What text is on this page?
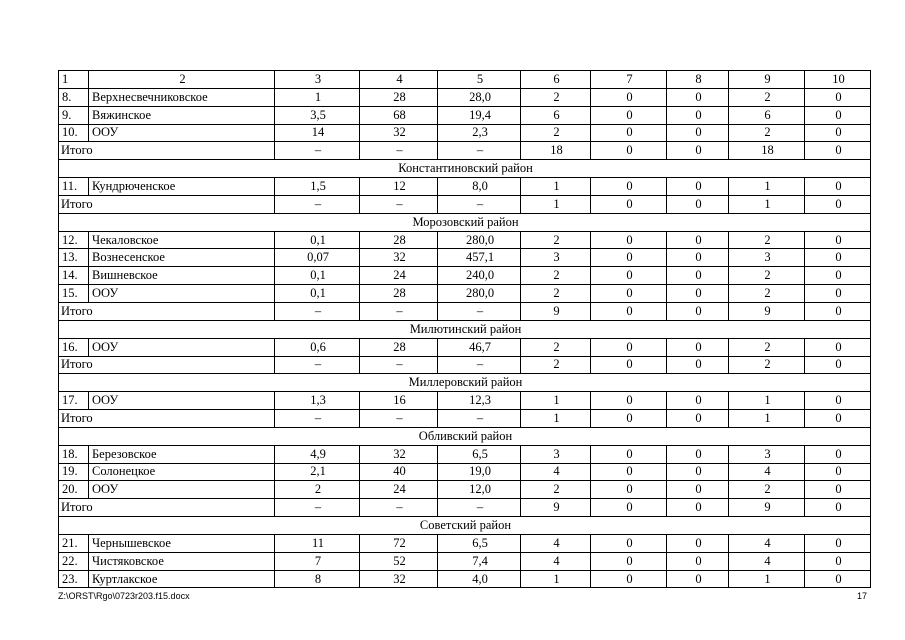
1	2	3	4	5	6	7	8	9	10
8.	Верхнесвечниковское	1	28	28,0	2	0	0	2	0
9.	Вяжинское	3,5	68	19,4	6	0	0	6	0
10.	ООУ	14	32	2,3	2	0	0	2	0
Итого		–	–	–	18	0	0	18	0
Константиновский район									
11.	Кундрюченское	1,5	12	8,0	1	0	0	1	0
Итого		–	–	–	1	0	0	1	0
Морозовский район									
12.	Чекаловское	0,1	28	280,0	2	0	0	2	0
13.	Вознесенское	0,07	32	457,1	3	0	0	3	0
14.	Вишневское	0,1	24	240,0	2	0	0	2	0
15.	ООУ	0,1	28	280,0	2	0	0	2	0
Итого		–	–	–	9	0	0	9	0
Милютинский район									
16.	ООУ	0,6	28	46,7	2	0	0	2	0
Итого		–	–	–	2	0	0	2	0
Миллеровский район									
17.	ООУ	1,3	16	12,3	1	0	0	1	0
Итого		–	–	–	1	0	0	1	0
Обливский район									
18.	Березовское	4,9	32	6,5	3	0	0	3	0
19.	Солонецкое	2,1	40	19,0	4	0	0	4	0
20.	ООУ	2	24	12,0	2	0	0	2	0
Итого		–	–	–	9	0	0	9	0
Советский район									
21.	Чернышевское	11	72	6,5	4	0	0	4	0
22.	Чистяковское	7	52	7,4	4	0	0	4	0
23.	Куртлакское	8	32	4,0	1	0	0	1	0
Z:\ORST\Rgo\0723r203.f15.docx	17
